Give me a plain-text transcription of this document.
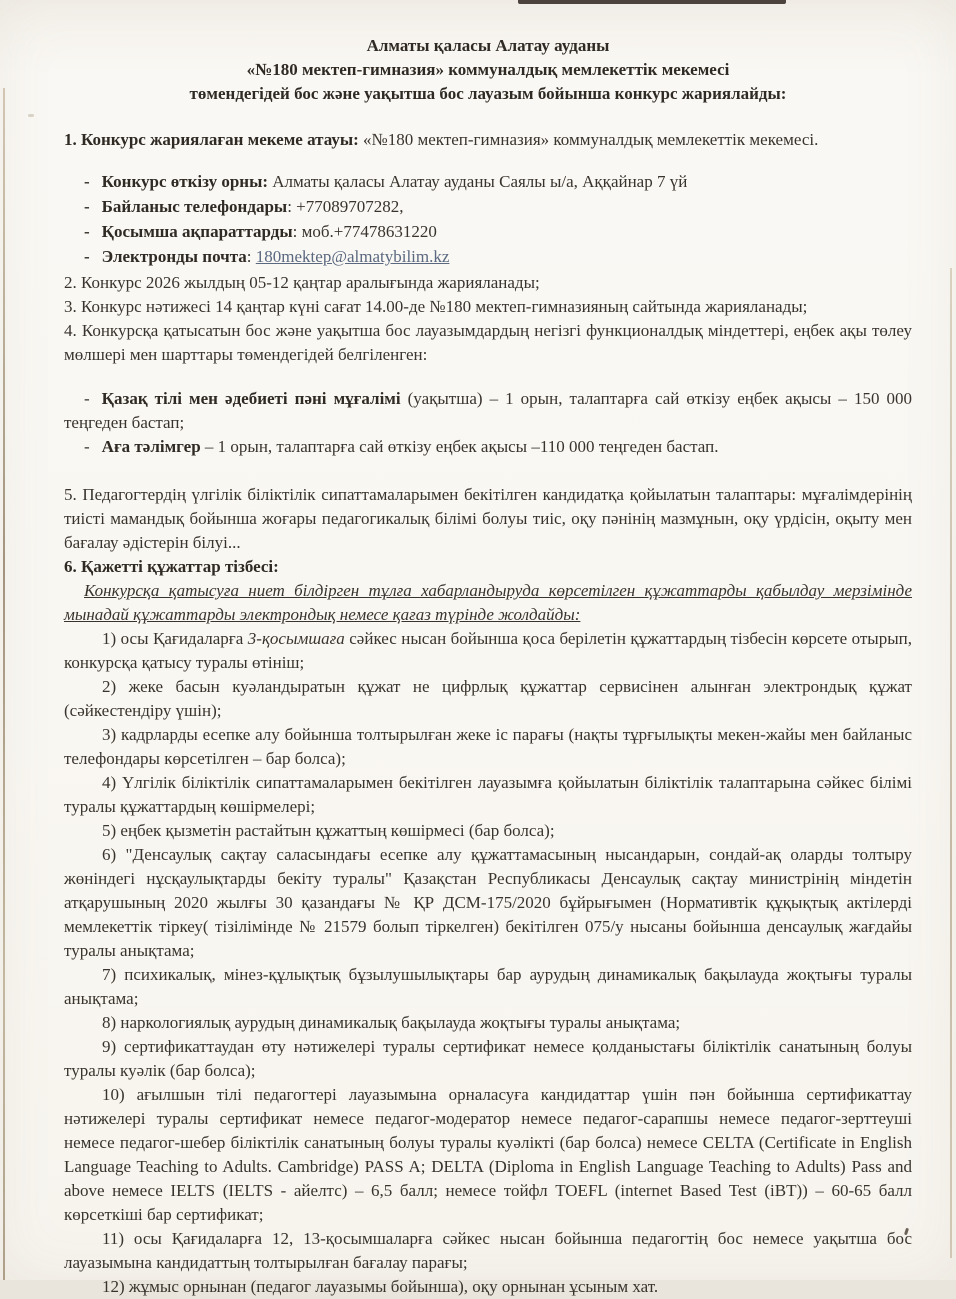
Алматы қаласы Алатау ауданы

«№180 мектеп-гимназия» коммуналдық мемлекеттік мекемесі

төмендегідей бос және уақытша бос лауазым бойынша конкурс жариялайды:

1. Конкурс жариялаған мекеме атауы: «№180 мектеп-гимназия» коммуналдық мемлекеттік мекемесі.

- Конкурс өткізу орны: Алматы қаласы Алатау ауданы Саялы ы/а, Аққайнар 7 үй

- Байланыс телефондары: +77089707282,

- Қосымша ақпараттарды: моб.+77478631220

- Электронды почта: 180mektep@almatybilim.kz

2. Конкурс 2026 жылдың 05-12 қаңтар аралығында жарияланады;

3. Конкурс нәтижесі 14 қаңтар күні сағат 14.00-де №180 мектеп-гимназияның сайтында жарияланады;

4. Конкурсқа қатысатын бос және уақытша бос лауазымдардың негізгі функционалдық міндеттері, еңбек ақы төлеу мөлшері мен шарттары төмендегідей белгіленген:

- Қазақ тілі мен әдебиеті пәні мұғалімі (уақытша) – 1 орын, талаптарға сай өткізу еңбек ақысы – 150 000 теңгеден бастап;

- Аға тәлімгер – 1 орын, талаптарға сай өткізу еңбек ақысы –110 000 теңгеден бастап.

5. Педагогтердің үлгілік біліктілік сипаттамаларымен бекітілген кандидатқа қойылатын талаптары: мұғалімдерінің тиісті мамандық бойынша жоғары педагогикалық білімі болуы тиіс, оқу пәнінің мазмұнын, оқу үрдісін, оқыту мен бағалау әдістерін білуі...

6. Қажетті құжаттар тізбесі:

Конкурсқа қатысуға ниет білдірген тұлға хабарландыруда көрсетілген құжаттарды қабылдау мерзімінде мынадай құжаттарды электрондық немесе қағаз түрінде жолдайды:

1) осы Қағидаларға 3-қосымшаға сәйкес нысан бойынша қоса берілетін құжаттардың тізбесін көрсете отырып, конкурсқа қатысу туралы өтініш;

2) жеке басын куәландыратын құжат не цифрлық құжаттар сервисінен алынған электрондық құжат (сәйкестендіру үшін);

3) кадрларды есепке алу бойынша толтырылған жеке іс парағы (нақты тұрғылықты мекен-жайы мен байланыс телефондары көрсетілген – бар болса);

4) Үлгілік біліктілік сипаттамаларымен бекітілген лауазымға қойылатын біліктілік талаптарына сәйкес білімі туралы құжаттардың көшірмелері;

5) еңбек қызметін растайтын құжаттың көшірмесі (бар болса);

6) "Денсаулық сақтау саласындағы есепке алу құжаттамасының нысандарын, сондай-ақ оларды толтыру жөніндегі нұсқаулықтарды бекіту туралы" Қазақстан Республикасы Денсаулық сақтау министрінің міндетін атқарушының 2020 жылғы 30 қазандағы № ҚР ДСМ-175/2020 бұйрығымен (Нормативтік құқықтық актілерді мемлекеттік тіркеу( тізілімінде № 21579 болып тіркелген) бекітілген 075/у нысаны бойынша денсаулық жағдайы туралы анықтама;

7) психикалық, мінез-құлықтық бұзылушылықтары бар аурудың динамикалық бақылауда жоқтығы туралы анықтама;

8) наркологиялық аурудың динамикалық бақылауда жоқтығы туралы анықтама;

9) сертификаттаудан өту нәтижелері туралы сертификат немесе қолданыстағы біліктілік санатының болуы туралы куәлік (бар болса);

10) ағылшын тілі педагогтері лауазымына орналасуға кандидаттар үшін пән бойынша сертификаттау нәтижелері туралы сертификат немесе педагог-модератор немесе педагог-сарапшы немесе педагог-зерттеуші немесе педагог-шебер біліктілік санатының болуы туралы куәлікті (бар болса) немесе CELTA (Certificate in English Language Teaching to Adults. Cambridge) PASS A; DELTA (Diploma in English Language Teaching to Adults) Pass and above немесе IELTS (IELTS - айелтс) – 6,5 балл; немесе тойфл TOEFL (internet Based Test (iBT)) – 60-65 балл көрсеткіші бар сертификат;

11) осы Қағидаларға 12, 13-қосымшаларға сәйкес нысан бойынша педагогтің бос немесе уақытша бос лауазымына кандидаттың толтырылған бағалау парағы;

12) жұмыс орнынан (педагог лауазымы бойынша), оқу орнынан ұсыным хат.
